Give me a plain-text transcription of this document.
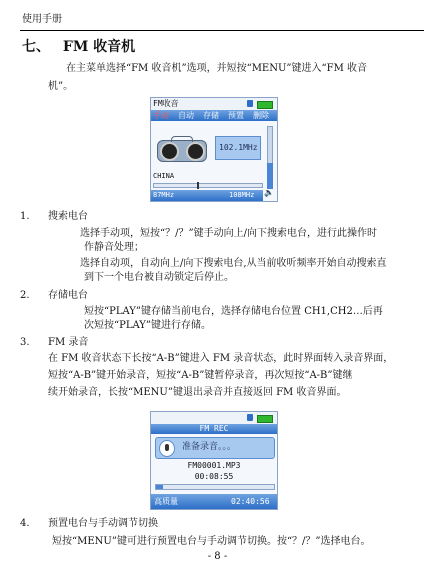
使用手册
七、 FM 收音机
在主菜单选择“FM 收音机”选项，并短按“MENU”键进入“FM 收音
机”。
FM收音
手动 自动 存储 预置 删除
102.1MHz
🔈
CHINA
87MHz	108MHz
1. 搜索电台
选择手动项，短按“？/？”键手动向上/向下搜索电台，进行此操作时
作静音处理；
选择自动项，自动向上/向下搜索电台,从当前收听频率开始自动搜索直
到下一个电台被自动锁定后停止。
2. 存储电台
短按“PLAY”键存储当前电台，选择存储电台位置 CH1,CH2…后再
次短按“PLAY”键进行存储。
3. FM 录音
在 FM 收音状态下长按“A-B”键进入 FM 录音状态，此时界面转入录音界面，
短按“A-B”键开始录音，短按“A-B”键暂停录音，再次短按“A-B”键继
续开始录音，长按“MENU”键退出录音并直接返回 FM 收音界面。
FM REC
准备录音。。。
FM00001.MP3
00:08:55
高质量	02:40:56
4. 预置电台与手动调节切换
短按“MENU”键可进行预置电台与手动调节切换。按“？/？”选择电台。
- 8 -
